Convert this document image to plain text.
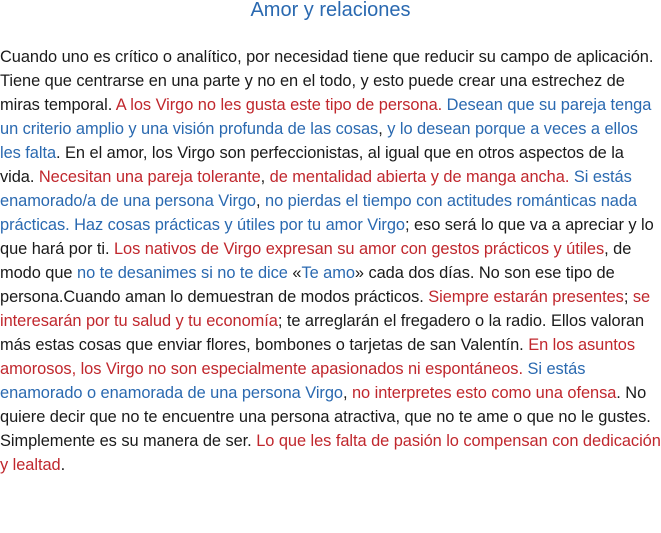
Amor y relaciones

Cuando uno es crítico o analítico, por necesidad tiene que reducir su campo de aplicación. Tiene que centrarse en una parte y no en el todo, y esto puede crear una estrechez de miras temporal. A los Virgo no les gusta este tipo de persona. Desean que su pareja tenga un criterio amplio y una visión profunda de las cosas, y lo desean porque a veces a ellos les falta. En el amor, los Virgo son perfeccionistas, al igual que en otros aspectos de la vida. Necesitan una pareja tolerante, de mentalidad abierta y de manga ancha. Si estás enamorado/a de una persona Virgo, no pierdas el tiempo con actitudes románticas nada prácticas. Haz cosas prácticas y útiles por tu amor Virgo; eso será lo que va a apreciar y lo que hará por ti. Los nativos de Virgo expresan su amor con gestos prácticos y útiles, de modo que no te desanimes si no te dice «Te amo» cada dos días. No son ese tipo de persona.Cuando aman lo demuestran de modos prácticos. Siempre estarán presentes; se interesarán por tu salud y tu economía; te arreglarán el fregadero o la radio. Ellos valoran más estas cosas que enviar flores, bombones o tarjetas de san Valentín. En los asuntos amorosos, los Virgo no son especialmente apasionados ni espontáneos. Si estás enamorado o enamorada de una persona Virgo, no interpretes esto como una ofensa. No quiere decir que no te encuentre una persona atractiva, que no te ame o que no le gustes. Simplemente es su manera de ser. Lo que les falta de pasión lo compensan con dedicación y lealtad.
